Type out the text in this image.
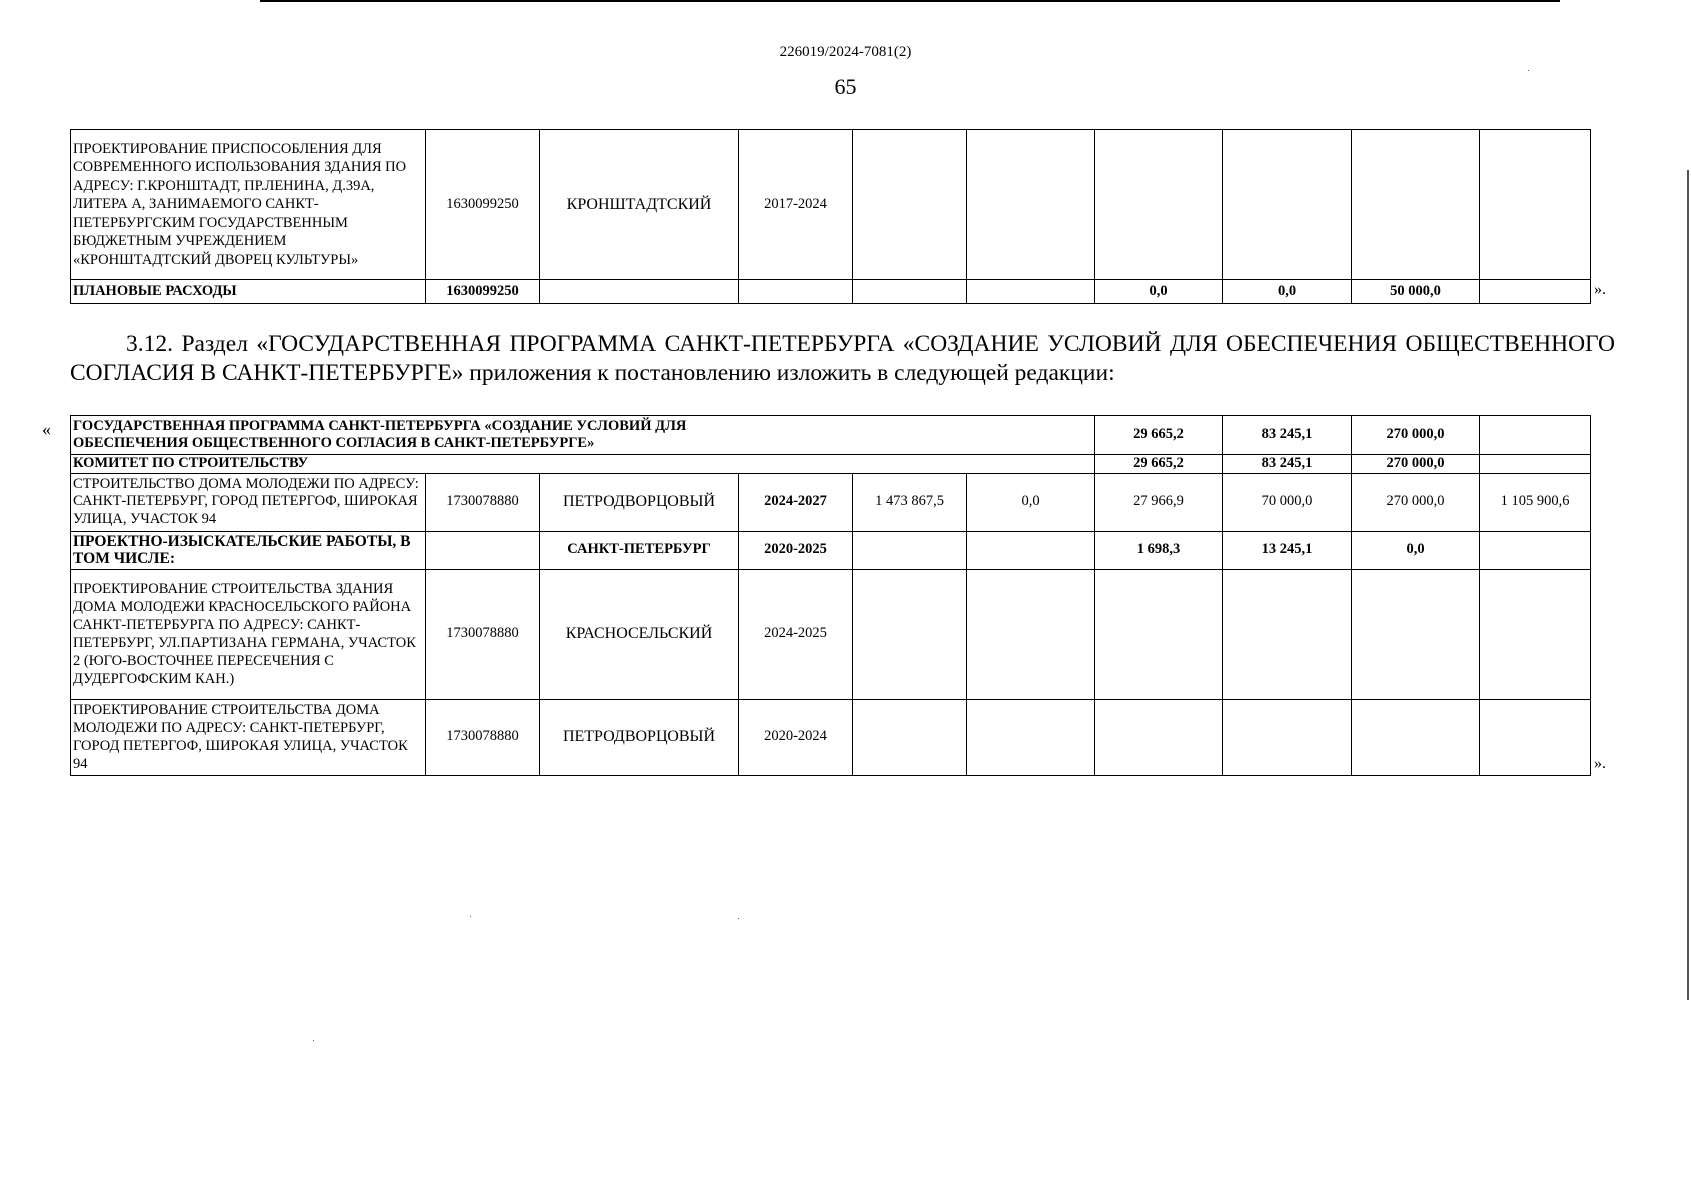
226019/2024-7081(2)
65
ПРОЕКТИРОВАНИЕ ПРИСПОСОБЛЕНИЯ ДЛЯ СОВРЕМЕННОГО ИСПОЛЬЗОВАНИЯ ЗДАНИЯ ПО АДРЕСУ: Г.КРОНШТАДТ, ПР.ЛЕНИНА, Д.39А, ЛИТЕРА А, ЗАНИМАЕМОГО САНКТ-ПЕТЕРБУРГСКИМ ГОСУДАРСТВЕННЫМ БЮДЖЕТНЫМ УЧРЕЖДЕНИЕМ «КРОНШТАДТСКИЙ ДВОРЕЦ КУЛЬТУРЫ»	1630099250	КРОНШТАДТСКИЙ	2017-2024						
ПЛАНОВЫЕ РАСХОДЫ	1630099250					0,0	0,0	50 000,0		».
3.12. Раздел «ГОСУДАРСТВЕННАЯ ПРОГРАММА САНКТ-ПЕТЕРБУРГА «СОЗДАНИЕ УСЛОВИЙ ДЛЯ ОБЕСПЕЧЕНИЯ ОБЩЕСТВЕННОГО СОГЛАСИЯ В САНКТ-ПЕТЕРБУРГЕ» приложения к постановлению изложить в следующей редакции:
« ГОСУДАРСТВЕННАЯ ПРОГРАММА САНКТ-ПЕТЕРБУРГА «СОЗДАНИЕ УСЛОВИЙ ДЛЯ ОБЕСПЕЧЕНИЯ ОБЩЕСТВЕННОГО СОГЛАСИЯ В САНКТ-ПЕТЕРБУРГЕ»						29 665,2	83 245,1	270 000,0	
КОМИТЕТ ПО СТРОИТЕЛЬСТВУ						29 665,2	83 245,1	270 000,0	
СТРОИТЕЛЬСТВО ДОМА МОЛОДЕЖИ ПО АДРЕСУ: САНКТ-ПЕТЕРБУРГ, ГОРОД ПЕТЕРГОФ, ШИРОКАЯ УЛИЦА, УЧАСТОК 94	1730078880	ПЕТРОДВОРЦОВЫЙ	2024-2027	1 473 867,5	0,0	27 966,9	70 000,0	270 000,0	1 105 900,6
ПРОЕКТНО-ИЗЫСКАТЕЛЬСКИЕ РАБОТЫ, В ТОМ ЧИСЛЕ:		САНКТ-ПЕТЕРБУРГ	2020-2025			1 698,3	13 245,1	0,0	
ПРОЕКТИРОВАНИЕ СТРОИТЕЛЬСТВА ЗДАНИЯ ДОМА МОЛОДЕЖИ КРАСНОСЕЛЬСКОГО РАЙОНА САНКТ-ПЕТЕРБУРГА ПО АДРЕСУ: САНКТ-ПЕТЕРБУРГ, УЛ.ПАРТИЗАНА ГЕРМАНА, УЧАСТОК 2 (ЮГО-ВОСТОЧНЕЕ ПЕРЕСЕЧЕНИЯ С ДУДЕРГОФСКИМ КАН.)	1730078880	КРАСНОСЕЛЬСКИЙ	2024-2025						
ПРОЕКТИРОВАНИЕ СТРОИТЕЛЬСТВА ДОМА МОЛОДЕЖИ ПО АДРЕСУ: САНКТ-ПЕТЕРБУРГ, ГОРОД ПЕТЕРГОФ, ШИРОКАЯ УЛИЦА, УЧАСТОК 94	1730078880	ПЕТРОДВОРЦОВЫЙ	2020-2024						
».
